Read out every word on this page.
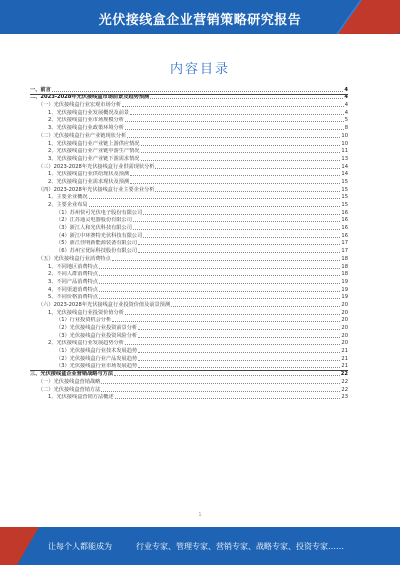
光伏接线盒企业营销策略研究报告
内容目录
一、前言	4
二、2023-2028年光伏接线盒市场前景及趋势预测	4
（一）光伏接线盒行业宏观市场分析	4
1、光伏接线盒行业发展概况及前景	4
2、光伏接线盒行业市场规模分析	5
3、光伏接线盒行业政策环境分析	8
（二）光伏接线盒行业产业链现状分析	10
1、光伏接线盒行业产业链上游供应情况	10
2、光伏接线盒行业产业链中游生产情况	11
3、光伏接线盒行业产业链下游需求情况	13
（三）2023-2028年光伏接线盒行业供需现状分析	14
1、光伏接线盒行业供给现状及预测	14
2、光伏接线盒行业需求现状及预测	15
（四）2023-2028年光伏接线盒行业主要企业分析	15
1、主要企业概况	15
2、主要企业布局	15
（1）苏州快可光伏电子股份有限公司	16
（2）江苏通灵电器股份有限公司	16
（3）浙江人和光伏科技有限公司	16
（4）浙江中环赛特光伏科技有限公司	16
（5）浙江佳明新能源装备有限公司	17
（6）苏州宝优际科技股份有限公司	17
（五）光伏接线盒行业消费特点	18
1、不同地区消费特点	18
2、不同人群消费特点	18
3、不同产品消费特点	19
4、不同渠道消费特点	19
5、不同价格消费特点	19
（六）2023-2028年光伏接线盒行业投资价值及前景预测	20
1、光伏接线盒行业投资价值分析	20
（1）行业投资机会分析	20
（2）光伏接线盒行业投资前景分析	20
（3）光伏接线盒行业投资风险分析	20
2、光伏接线盒行业发展趋势分析	20
（1）光伏接线盒行业技术发展趋势	21
（2）光伏接线盒行业产品发展趋势	21
（3）光伏接线盒行业市场发展趋势	21
三、光伏接线盒企业营销战略与方法	22
（一）光伏接线盒营销战略	22
（二）光伏接线盒营销方法	22
1、光伏接线盒营销方法概述	23
1
让每个人都能成为	行业专家、管理专家、营销专家、战略专家、投资专家……
